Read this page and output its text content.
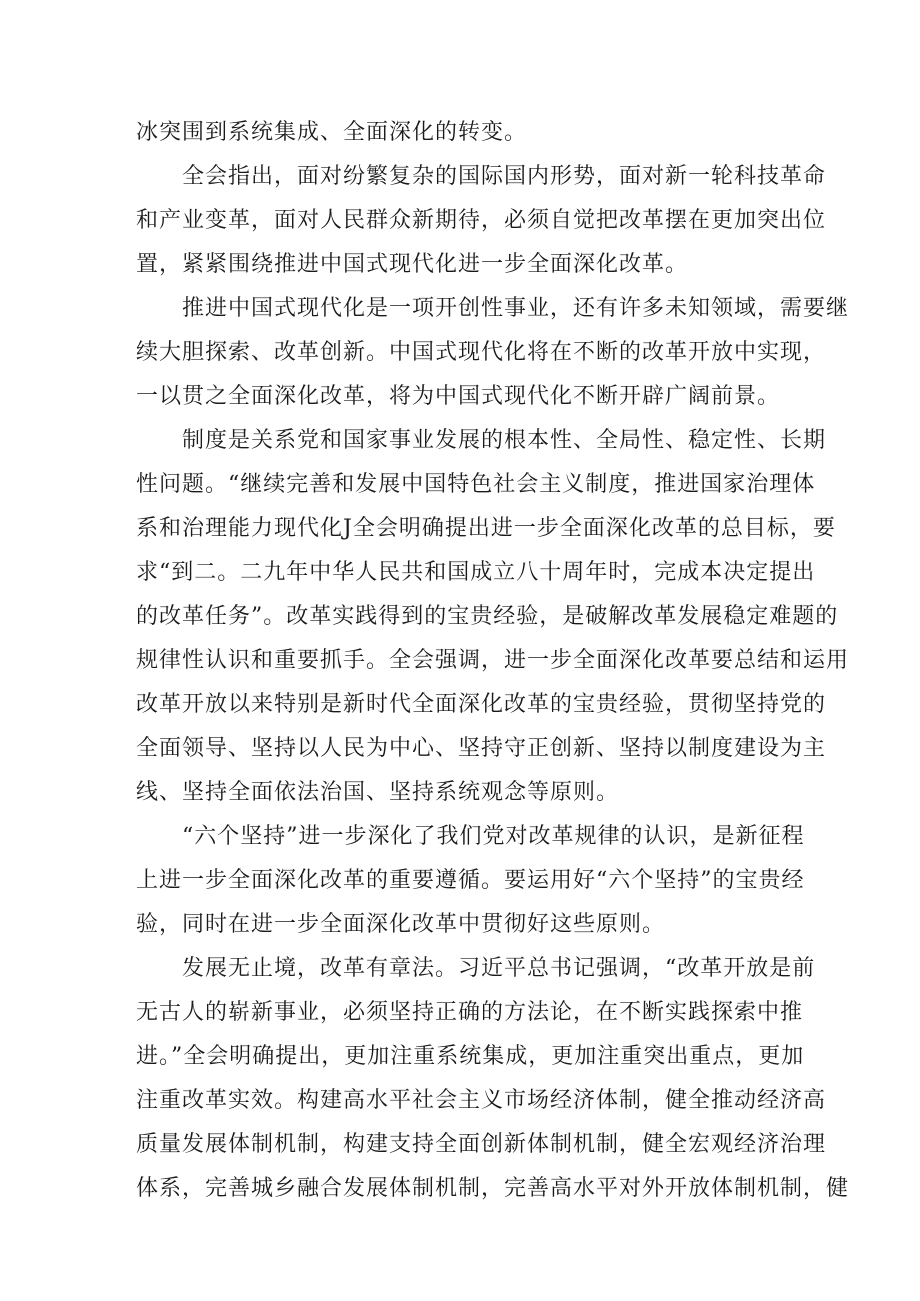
冰突围到系统集成、全面深化的转变。
全会指出，面对纷繁复杂的国际国内形势，面对新一轮科技革命
和产业变革，面对人民群众新期待，必须自觉把改革摆在更加突出位
置，紧紧围绕推进中国式现代化进一步全面深化改革。
推进中国式现代化是一项开创性事业，还有许多未知领域，需要继
续大胆探索、改革创新。中国式现代化将在不断的改革开放中实现，
一以贯之全面深化改革，将为中国式现代化不断开辟广阔前景。
制度是关系党和国家事业发展的根本性、全局性、稳定性、长期
性问题。“继续完善和发展中国特色社会主义制度，推进国家治理体
系和治理能力现代化J全会明确提出进一步全面深化改革的总目标，要
求“到二。二九年中华人民共和国成立八十周年时，完成本决定提出
的改革任务”。改革实践得到的宝贵经验，是破解改革发展稳定难题的
规律性认识和重要抓手。全会强调，进一步全面深化改革要总结和运用
改革开放以来特别是新时代全面深化改革的宝贵经验，贯彻坚持党的
全面领导、坚持以人民为中心、坚持守正创新、坚持以制度建设为主
线、坚持全面依法治国、坚持系统观念等原则。
“六个坚持”进一步深化了我们党对改革规律的认识，是新征程
上进一步全面深化改革的重要遵循。要运用好“六个坚持”的宝贵经
验，同时在进一步全面深化改革中贯彻好这些原则。
发展无止境，改革有章法。习近平总书记强调，“改革开放是前
无古人的崭新事业，必须坚持正确的方法论，在不断实践探索中推
进。”全会明确提出，更加注重系统集成，更加注重突出重点，更加
注重改革实效。构建高水平社会主义市场经济体制，健全推动经济高
质量发展体制机制，构建支持全面创新体制机制，健全宏观经济治理
体系，完善城乡融合发展体制机制，完善高水平对外开放体制机制，健
